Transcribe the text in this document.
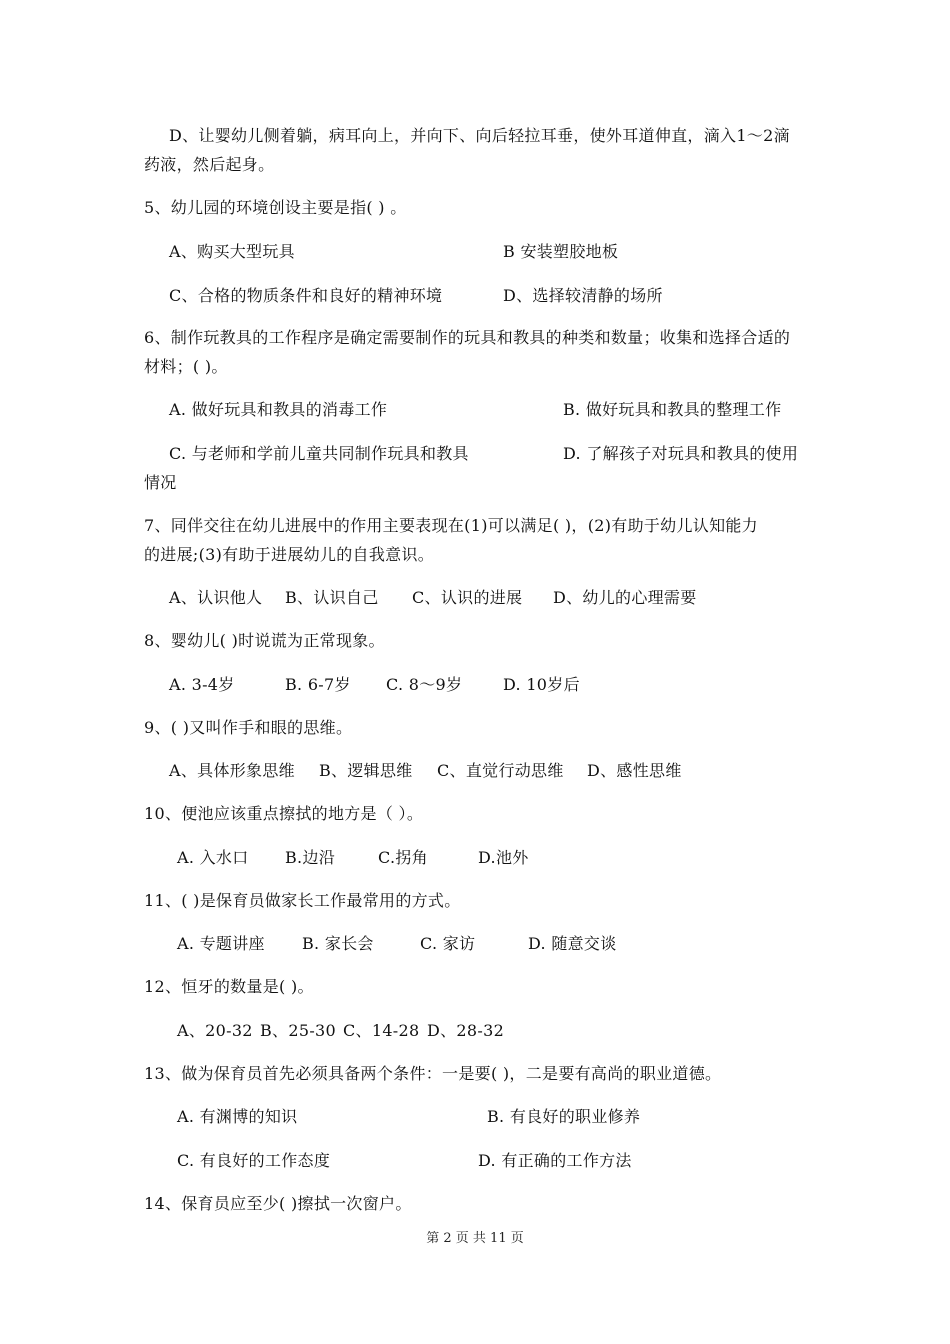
D、让婴幼儿侧着躺，病耳向上，并向下、向后轻拉耳垂，使外耳道伸直，滴入1～2滴
药液，然后起身。
5、幼儿园的环境创设主要是指( ) 。
A、购买大型玩具	B 安装塑胶地板
C、合格的物质条件和良好的精神环境	D、选择较清静的场所
6、制作玩教具的工作程序是确定需要制作的玩具和教具的种类和数量；收集和选择合适的
材料；( )。
A. 做好玩具和教具的消毒工作	B. 做好玩具和教具的整理工作
C. 与老师和学前儿童共同制作玩具和教具	D. 了解孩子对玩具和教具的使用
情况
7、同伴交往在幼儿进展中的作用主要表现在(1)可以满足( )，(2)有助于幼儿认知能力
的进展;(3)有助于进展幼儿的自我意识。
A、认识他人 B、认识自己 C、认识的进展 D、幼儿的心理需要
8、婴幼儿( )时说谎为正常现象。
A. 3-4岁	B. 6-7岁 C. 8～9岁	D. 10岁后
9、( )又叫作手和眼的思维。
A、具体形象思维 B、逻辑思维 C、直觉行动思维 D、感性思维
10、便池应该重点擦拭的地方是（ ）。
A. 入水口 B.边沿	C.拐角	D.池外
11、( )是保育员做家长工作最常用的方式。
A. 专题讲座 B. 家长会	C. 家访	D. 随意交谈
12、恒牙的数量是( )。
A、20-32 B、25-30 C、14-28 D、28-32
13、做为保育员首先必须具备两个条件：一是要( )，二是要有高尚的职业道德。
A. 有渊博的知识	B. 有良好的职业修养
C. 有良好的工作态度	D. 有正确的工作方法
14、保育员应至少( )擦拭一次窗户。
第 2 页 共 11 页
